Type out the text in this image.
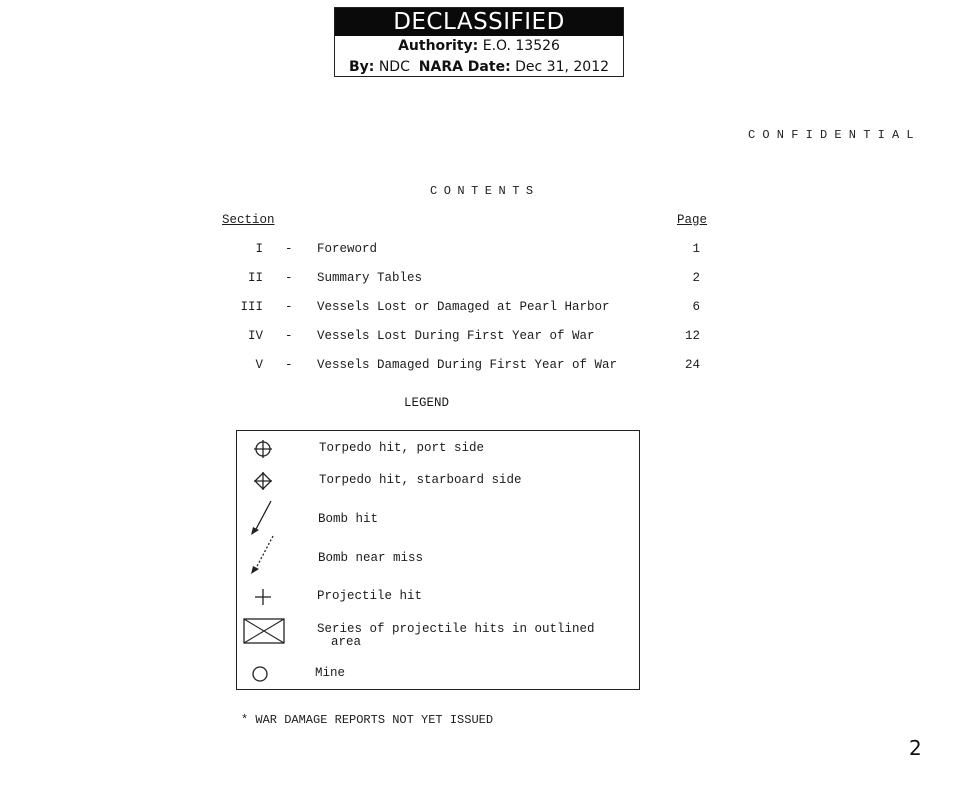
DECLASSIFIED
Authority: E.O. 13526
By: NDC NARA Date: Dec 31, 2012
CONFIDENTIAL
CONTENTS
Section	Page
I - Foreword	1
II - Summary Tables	2
III - Vessels Lost or Damaged at Pearl Harbor	6
IV - Vessels Lost During First Year of War	12
V - Vessels Damaged During First Year of War	24
LEGEND
Torpedo hit, port side
Torpedo hit, starboard side
Bomb hit
Bomb near miss
Projectile hit
Series of projectile hits in outlined
area
Mine
* WAR DAMAGE REPORTS NOT YET ISSUED
2
